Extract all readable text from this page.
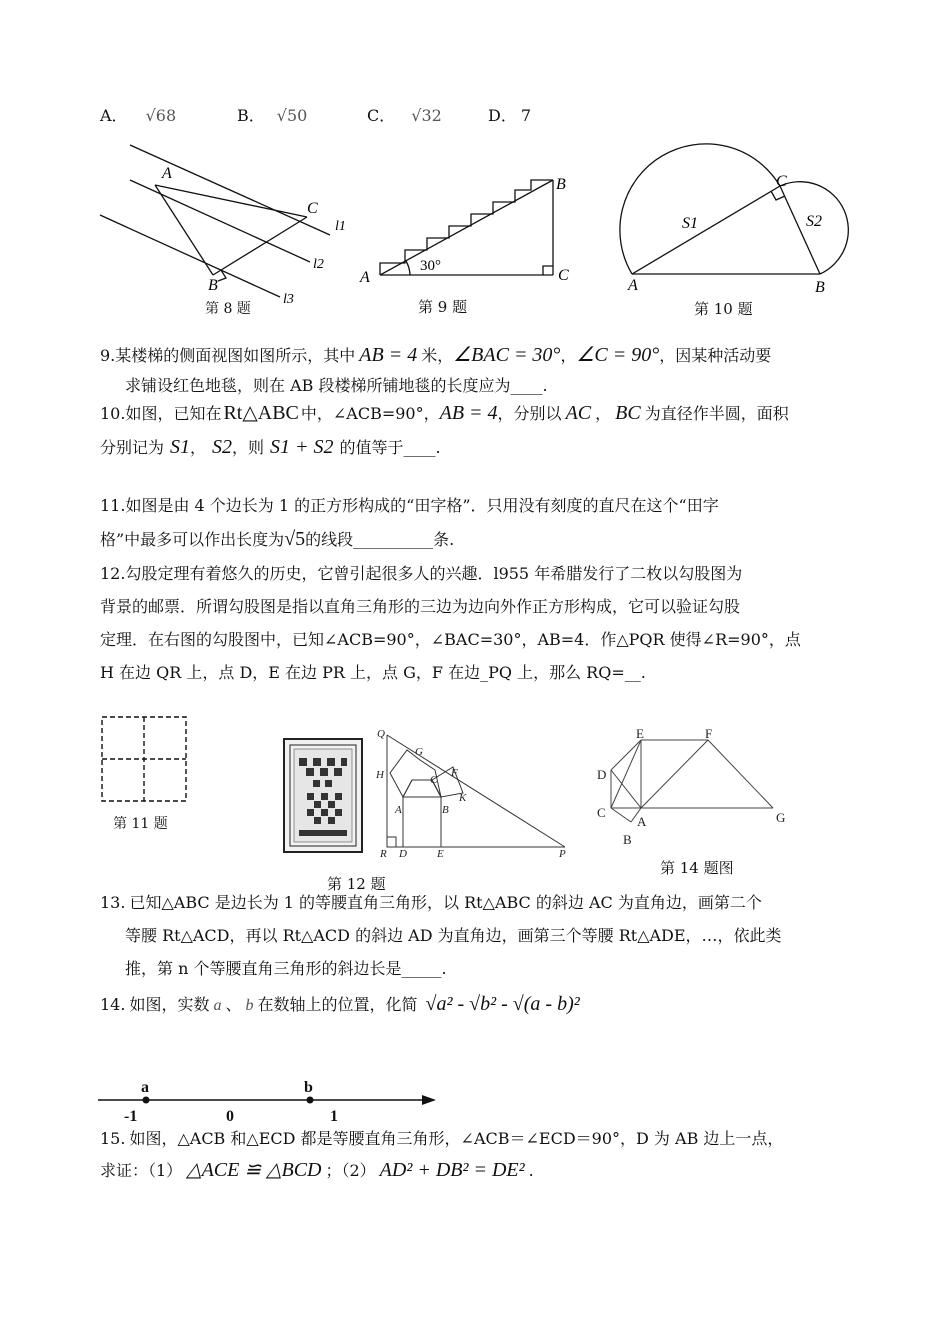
A． √68	B． √50	C． √32	D． 7
A
B
C
l1
l2
l3
第 8 题
A
B
C
30°
第 9 题
A	B
C
S1	S2
第 10 题
9.某楼梯的侧面视图如图所示，其中 AB = 4 米，∠BAC = 30°，∠C = 90°，因某种活动要
求铺设红色地毯，则在 AB 段楼梯所铺地毯的长度应为____.
10.如图，已知在 Rt△ABC 中，∠ACB=90°，AB = 4，分别以 AC ， BC 为直径作半圆，面积
分别记为 S1， S2，则 S1 + S2 的值等于____.
11.如图是由 4 个边长为 1 的正方形构成的“田字格”．只用没有刻度的直尺在这个“田字
格”中最多可以作出长度为√5的线段__________条.
12.勾股定理有着悠久的历史，它曾引起很多人的兴趣．l955 年希腊发行了二枚以勾股图为
背景的邮票．所谓勾股图是指以直角三角形的三边为边向外作正方形构成，它可以验证勾股
定理．在右图的勾股图中，已知∠ACB=90°，∠BAC=30°，AB=4．作△PQR 使得∠R=90°，点
H 在边 QR 上，点 D，E 在边 PR 上，点 G，F 在边_PQ 上，那么 RQ=__.
第 11 题
Q
G
H	C
F
K
A	B
R D	E	P
第 12 题
E	F
D
C
A
B
G
第 14 题图
13. 已知△ABC 是边长为 1 的等腰直角三角形，以 Rt△ABC 的斜边 AC 为直角边，画第二个
等腰 Rt△ACD，再以 Rt△ACD 的斜边 AD 为直角边，画第三个等腰 Rt△ADE，…，依此类
推，第 n 个等腰直角三角形的斜边长是_____.
14. 如图，实数 a 、 b 在数轴上的位置，化简 √a² - √b² - √(a - b)²
a	b
-1	0	1
15. 如图，△ACB 和△ECD 都是等腰直角三角形，∠ACB＝∠ECD＝90°，D 为 AB 边上一点，
求证：（1） △ACE ≌ △BCD ；（2） AD² + DB² = DE² .
